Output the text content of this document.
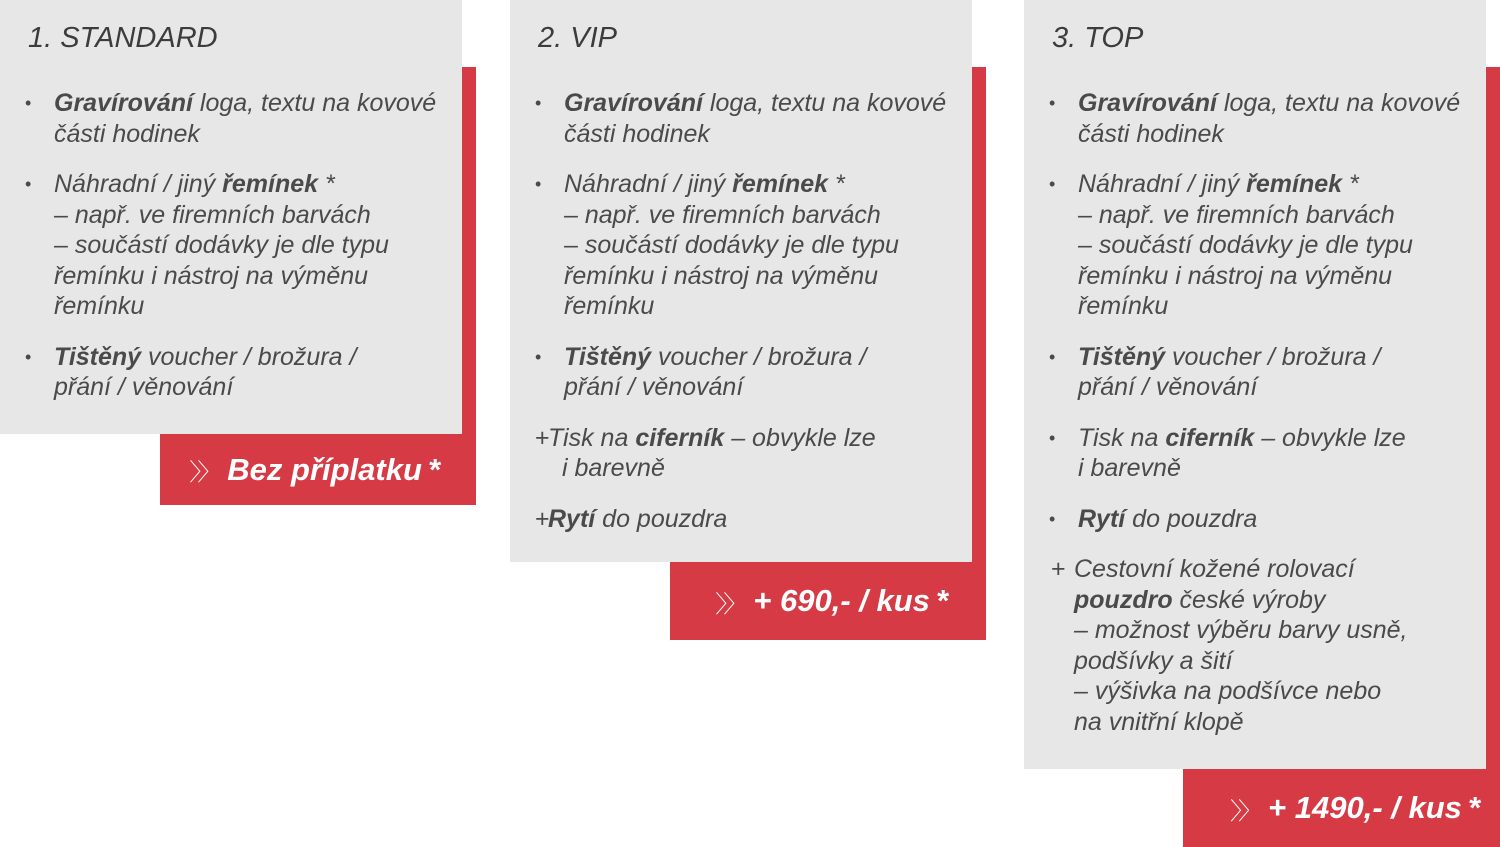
1. STANDARD
• Gravírování loga, textu na kovové
části hodinek
• Náhradní / jiný řemínek *
– např. ve firemních barvách
– součástí dodávky je dle typu
řemínku i nástroj na výměnu
řemínku
• Tištěný voucher / brožura /
přání / věnování
〉〉 Bez příplatku *
2. VIP
• Gravírování loga, textu na kovové
části hodinek
• Náhradní / jiný řemínek *
– např. ve firemních barvách
– součástí dodávky je dle typu
řemínku i nástroj na výměnu
řemínku
• Tištěný voucher / brožura /
přání / věnování
+
Tisk na ciferník – obvykle lze
i barevně
+
Rytí do pouzdra
〉〉 + 690,- / kus *
3. TOP
• Gravírování loga, textu na kovové
části hodinek
• Náhradní / jiný řemínek *
– např. ve firemních barvách
– součástí dodávky je dle typu
řemínku i nástroj na výměnu
řemínku
• Tištěný voucher / brožura /
přání / věnování
• Tisk na ciferník – obvykle lze
i barevně
• Rytí do pouzdra
+ Cestovní kožené rolovací
pouzdro české výroby
– možnost výběru barvy usně,
podšívky a šití
– výšivka na podšívce nebo
na vnitřní klopě
〉〉 + 1490,- / kus *
